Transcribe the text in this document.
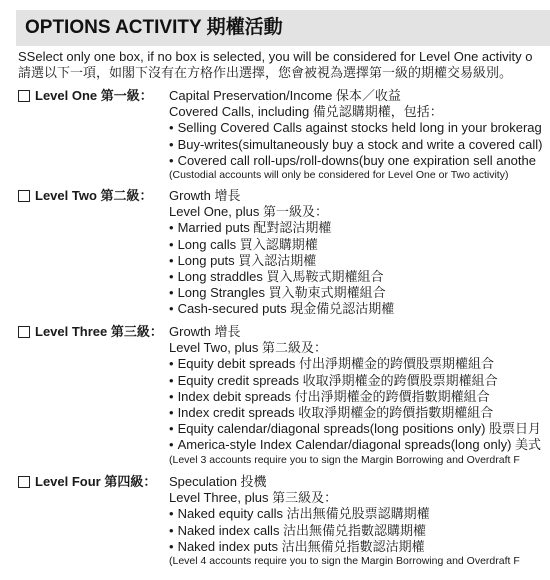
OPTIONS ACTIVITY 期權活動
SSelect only one box, if no box is selected, you will be considered for Level One activity o
請選以下一項，如閣下沒有在方格作出選擇，您會被視為選擇第一級的期權交易級別。
Level One 第一級： Capital Preservation/Income 保本／收益
Covered Calls, including 備兑認購期權，包括：
• Selling Covered Calls against stocks held long in your brokerag
• Buy-writes(simultaneously buy a stock and write a covered call)
• Covered call roll-ups/roll-downs(buy one expiration sell anothe
(Custodial accounts will only be considered for Level One or Two activity)
Level Two 第二級： Growth 增長
Level One, plus 第一級及：
• Married puts 配對認沽期權
• Long calls 買入認購期權
• Long puts 買入認沽期權
• Long straddles 買入馬鞍式期權組合
• Long Strangles 買入勒束式期權組合
• Cash-secured puts 現金備兑認沽期權
Level Three 第三級： Growth 增長
Level Two, plus 第二級及：
• Equity debit spreads 付出淨期權金的跨價股票期權組合
• Equity credit spreads 收取淨期權金的跨價股票期權組合
• Index debit spreads 付出淨期權金的跨價指數期權組合
• Index credit spreads 收取淨期權金的跨價指數期權組合
• Equity calendar/diagonal spreads(long positions only) 股票日月
• America-style Index Calendar/diagonal spreads(long only) 美式
(Level 3 accounts require you to sign the Margin Borrowing and Overdraft F
Level Four 第四級： Speculation 投機
Level Three, plus 第三級及：
• Naked equity calls 沽出無備兑股票認購期權
• Naked index calls 沽出無備兑指數認購期權
• Naked index puts 沽出無備兑指數認沽期權
(Level 4 accounts require you to sign the Margin Borrowing and Overdraft F
